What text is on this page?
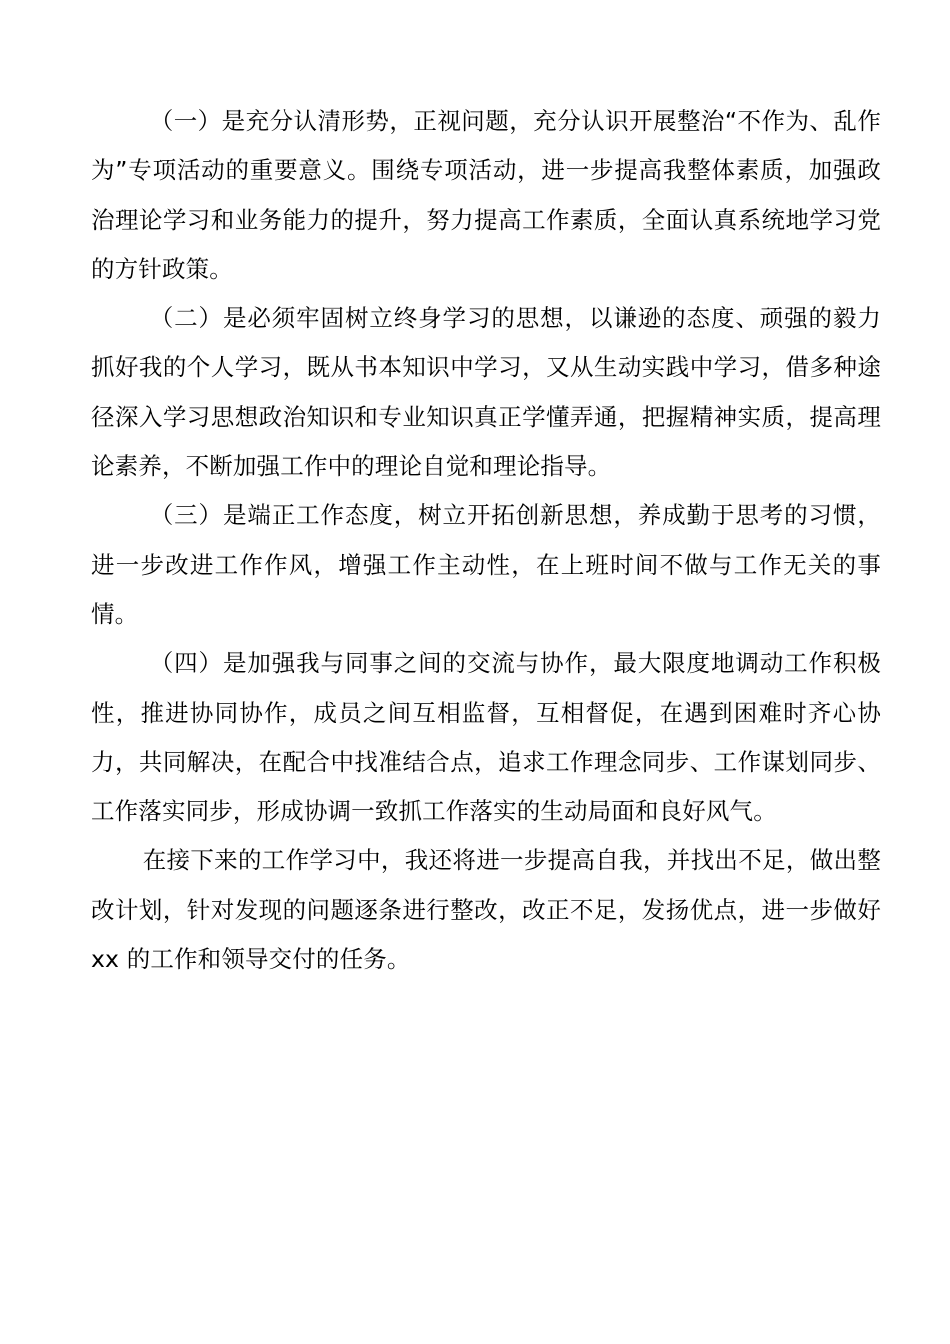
（一）是充分认清形势，正视问题，充分认识开展整治“不作为、乱作为”专项活动的重要意义。围绕专项活动，进一步提高我整体素质，加强政治理论学习和业务能力的提升，努力提高工作素质，全面认真系统地学习党的方针政策。

（二）是必须牢固树立终身学习的思想，以谦逊的态度、顽强的毅力抓好我的个人学习，既从书本知识中学习，又从生动实践中学习，借多种途径深入学习思想政治知识和专业知识真正学懂弄通，把握精神实质，提高理论素养，不断加强工作中的理论自觉和理论指导。

（三）是端正工作态度，树立开拓创新思想，养成勤于思考的习惯，进一步改进工作作风，增强工作主动性，在上班时间不做与工作无关的事情。

（四）是加强我与同事之间的交流与协作，最大限度地调动工作积极性，推进协同协作，成员之间互相监督，互相督促，在遇到困难时齐心协力，共同解决，在配合中找准结合点，追求工作理念同步、工作谋划同步、工作落实同步，形成协调一致抓工作落实的生动局面和良好风气。

在接下来的工作学习中，我还将进一步提高自我，并找出不足，做出整改计划，针对发现的问题逐条进行整改，改正不足，发扬优点，进一步做好 xx 的工作和领导交付的任务。
